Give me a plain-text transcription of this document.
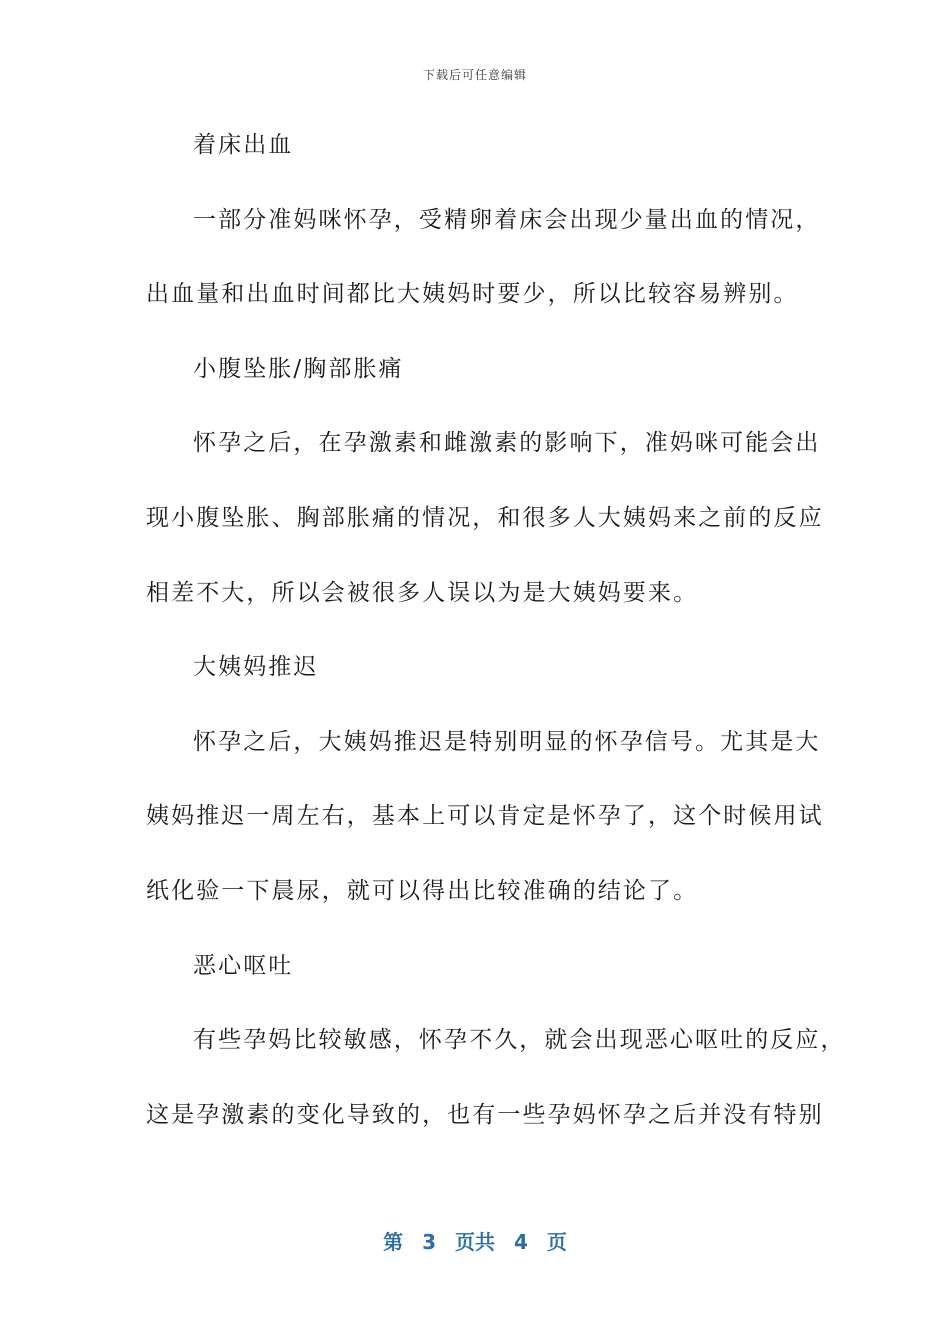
下载后可任意编辑
着床出血
一部分准妈咪怀孕，受精卵着床会出现少量出血的情况，
出血量和出血时间都比大姨妈时要少，所以比较容易辨别。
小腹坠胀/胸部胀痛
怀孕之后，在孕激素和雌激素的影响下，准妈咪可能会出
现小腹坠胀、胸部胀痛的情况，和很多人大姨妈来之前的反应
相差不大，所以会被很多人误以为是大姨妈要来。
大姨妈推迟
怀孕之后，大姨妈推迟是特别明显的怀孕信号。尤其是大
姨妈推迟一周左右，基本上可以肯定是怀孕了，这个时候用试
纸化验一下晨尿，就可以得出比较准确的结论了。
恶心呕吐
有些孕妈比较敏感，怀孕不久，就会出现恶心呕吐的反应，
这是孕激素的变化导致的，也有一些孕妈怀孕之后并没有特别
第 3 页共 4 页
